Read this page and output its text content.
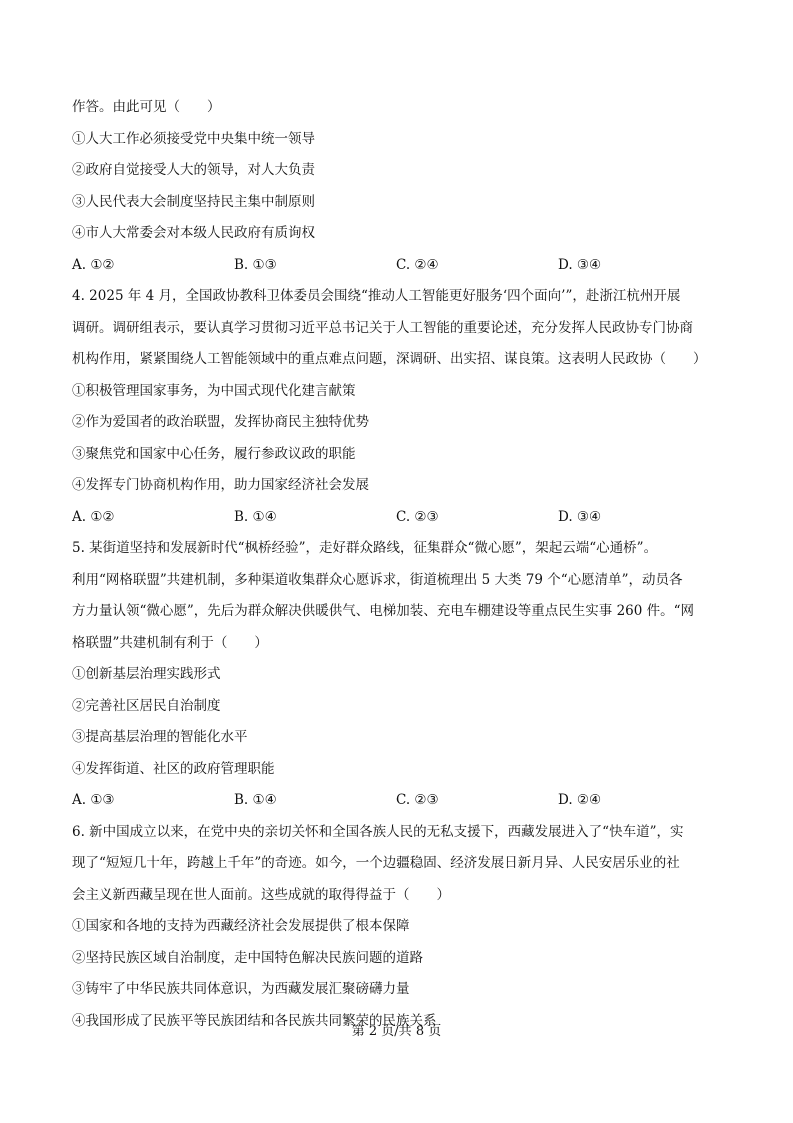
作答。由此可见（　　）
①人大工作必须接受党中央集中统一领导
②政府自觉接受人大的领导，对人大负责
③人民代表大会制度坚持民主集中制原则
④市人大常委会对本级人民政府有质询权
A. ①②	B. ①③	C. ②④	D. ③④
4. 2025 年 4 月，全国政协教科卫体委员会围绕“推动人工智能更好服务‘四个面向’”，赴浙江杭州开展
调研。调研组表示，要认真学习贯彻习近平总书记关于人工智能的重要论述，充分发挥人民政协专门协商
机构作用，紧紧围绕人工智能领域中的重点难点问题，深调研、出实招、谋良策。这表明人民政协（　　）
①积极管理国家事务，为中国式现代化建言献策
②作为爱国者的政治联盟，发挥协商民主独特优势
③聚焦党和国家中心任务，履行参政议政的职能
④发挥专门协商机构作用，助力国家经济社会发展
A. ①②	B. ①④	C. ②③	D. ③④
5. 某街道坚持和发展新时代“枫桥经验”，走好群众路线，征集群众“微心愿”，架起云端“心通桥”。
利用“网格联盟”共建机制，多种渠道收集群众心愿诉求，街道梳理出 5 大类 79 个“心愿清单”，动员各
方力量认领“微心愿”，先后为群众解决供暖供气、电梯加装、充电车棚建设等重点民生实事 260 件。“网
格联盟”共建机制有利于（　　）
①创新基层治理实践形式
②完善社区居民自治制度
③提高基层治理的智能化水平
④发挥街道、社区的政府管理职能
A. ①③	B. ①④	C. ②③	D. ②④
6. 新中国成立以来，在党中央的亲切关怀和全国各族人民的无私支援下，西藏发展进入了“快车道”，实
现了“短短几十年，跨越上千年”的奇迹。如今，一个边疆稳固、经济发展日新月异、人民安居乐业的社
会主义新西藏呈现在世人面前。这些成就的取得得益于（　　）
①国家和各地的支持为西藏经济社会发展提供了根本保障
②坚持民族区域自治制度，走中国特色解决民族问题的道路
③铸牢了中华民族共同体意识，为西藏发展汇聚磅礴力量
④我国形成了民族平等民族团结和各民族共同繁荣的民族关系
第 2 页/共 8 页
